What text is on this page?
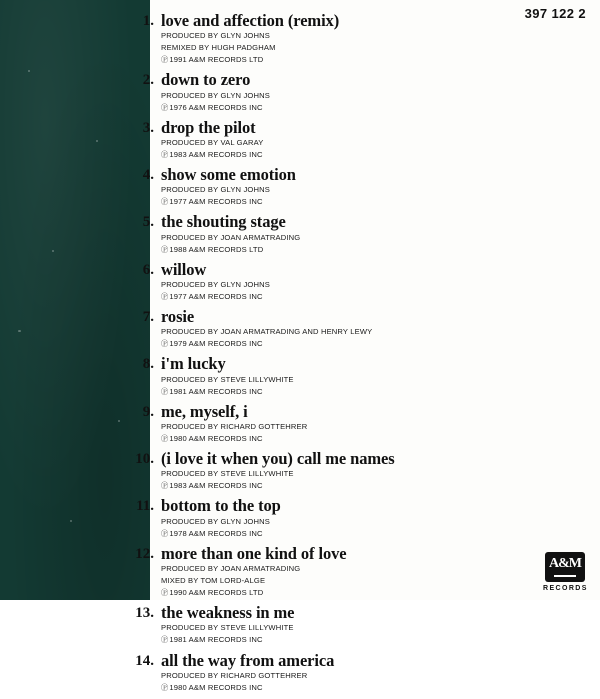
397 122 2
1. love and affection (remix)
PRODUCED BY GLYN JOHNS
REMIXED BY HUGH PADGHAM
Ⓟ 1991 A&M RECORDS LTD
2. down to zero
PRODUCED BY GLYN JOHNS
Ⓟ 1976 A&M RECORDS INC
3. drop the pilot
PRODUCED BY VAL GARAY
Ⓟ 1983 A&M RECORDS INC
4. show some emotion
PRODUCED BY GLYN JOHNS
Ⓟ 1977 A&M RECORDS INC
5. the shouting stage
PRODUCED BY JOAN ARMATRADING
Ⓟ 1988 A&M RECORDS LTD
6. willow
PRODUCED BY GLYN JOHNS
Ⓟ 1977 A&M RECORDS INC
7. rosie
PRODUCED BY JOAN ARMATRADING AND HENRY LEWY
Ⓟ 1979 A&M RECORDS INC
8. i'm lucky
PRODUCED BY STEVE LILLYWHITE
Ⓟ 1981 A&M RECORDS INC
9. me, myself, i
PRODUCED BY RICHARD GOTTEHRER
Ⓟ 1980 A&M RECORDS INC
10. (i love it when you) call me names
PRODUCED BY STEVE LILLYWHITE
Ⓟ 1983 A&M RECORDS INC
11. bottom to the top
PRODUCED BY GLYN JOHNS
Ⓟ 1978 A&M RECORDS INC
12. more than one kind of love
PRODUCED BY JOAN ARMATRADING
MIXED BY TOM LORD-ALGE
Ⓟ 1990 A&M RECORDS LTD
13. the weakness in me
PRODUCED BY STEVE LILLYWHITE
Ⓟ 1981 A&M RECORDS INC
14. all the way from america
PRODUCED BY RICHARD GOTTEHRER
Ⓟ 1980 A&M RECORDS INC
A&M
RECORDS
